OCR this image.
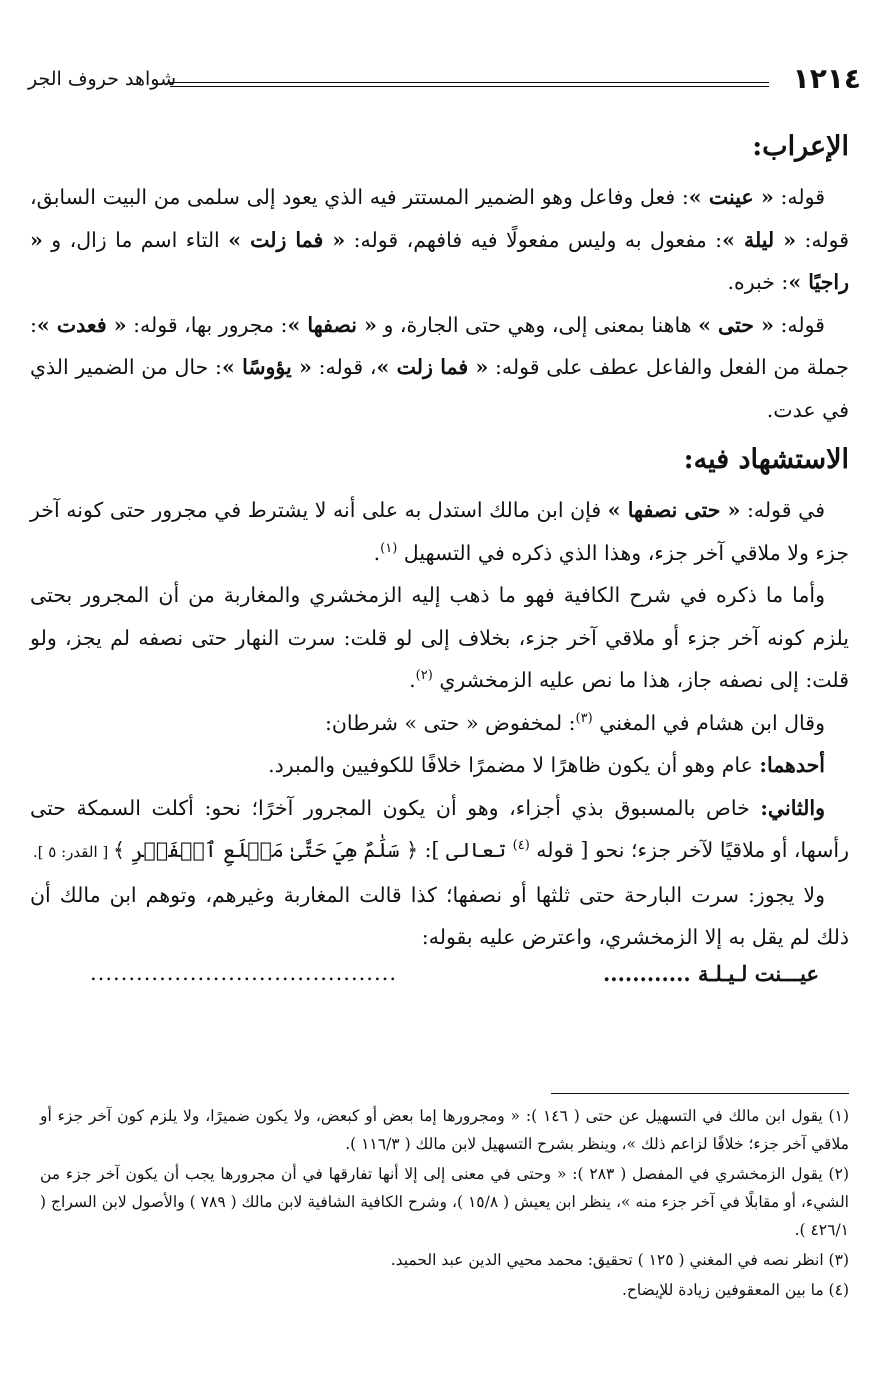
١٢١٤
شواهد حروف الجر
الإعراب:

قوله: « عينت »: فعل وفاعل وهو الضمير المستتر فيه الذي يعود إلى سلمى من البيت السابق، قوله: « ليلة »: مفعول به وليس مفعولًا فيه فافهم، قوله: « فما زلت » التاء اسم ما زال، و « راجيًا »: خبره.

قوله: « حتى » هاهنا بمعنى إلى، وهي حتى الجارة، و « نصفها »: مجرور بها، قوله: « فعدت »: جملة من الفعل والفاعل عطف على قوله: « فما زلت »، قوله: « يؤوسًا »: حال من الضمير الذي في عدت.

الاستشهاد فيه:

في قوله: « حتى نصفها » فإن ابن مالك استدل به على أنه لا يشترط في مجرور حتى كونه آخر جزء ولا ملاقي آخر جزء، وهذا الذي ذكره في التسهيل $^{(١)}$.

وأما ما ذكره في شرح الكافية فهو ما ذهب إليه الزمخشري والمغاربة من أن المجرور بحتى يلزم كونه آخر جزء أو ملاقي آخر جزء، بخلاف إلى لو قلت: سرت النهار حتى نصفه لم يجز، ولو قلت: إلى نصفه جاز، هذا ما نص عليه الزمخشري $^{(٢)}$.

وقال ابن هشام في المغني $^{(٣)}$: لمخفوض « حتى » شرطان:

أحدهما: عام وهو أن يكون ظاهرًا لا مضمرًا خلافًا للكوفيين والمبرد.

والثاني: خاص بالمسبوق بذي أجزاء، وهو أن يكون المجرور آخرًا؛ نحو: أكلت السمكة حتى رأسها، أو ملاقيًا لآخر جزء؛ نحو [ قوله $^{(٤)}$ تعالى ]: ﴿ سَلَٰمٌ هِيَ حَتَّىٰ مَطۡلَعِ ٱلۡفَجۡرِ ﴾ [ القدر: ٥ ].

ولا يجوز: سرت البارحة حتى ثلثها أو نصفها؛ كذا قالت المغاربة وغيرهم، وتوهم ابن مالك أن ذلك لم يقل به إلا الزمخشري، واعترض عليه بقوله:

عيـــنت لـيـلـة ............
........................................

(١) يقول ابن مالك في التسهيل عن حتى ( ١٤٦ ): « ومجرورها إما بعض أو كبعض، ولا يكون ضميرًا، ولا يلزم كون آخر جزء أو ملاقي آخر جزء؛ خلافًا لزاعم ذلك »، وينظر بشرح التسهيل لابن مالك ( ١١٦/٣ ).

(٢) يقول الزمخشري في المفصل ( ٢٨٣ ): « وحتى في معنى إلى إلا أنها تفارقها في أن مجرورها يجب أن يكون آخر جزء من الشيء، أو مقابلًا في آخر جزء منه »، ينظر ابن يعيش ( ١٥/٨ )، وشرح الكافية الشافية لابن مالك ( ٧٨٩ ) والأصول لابن السراج ( ٤٢٦/١ ).

(٣) انظر نصه في المغني ( ١٢٥ ) تحقيق: محمد محيي الدين عبد الحميد.

(٤) ما بين المعقوفين زيادة للإيضاح.
